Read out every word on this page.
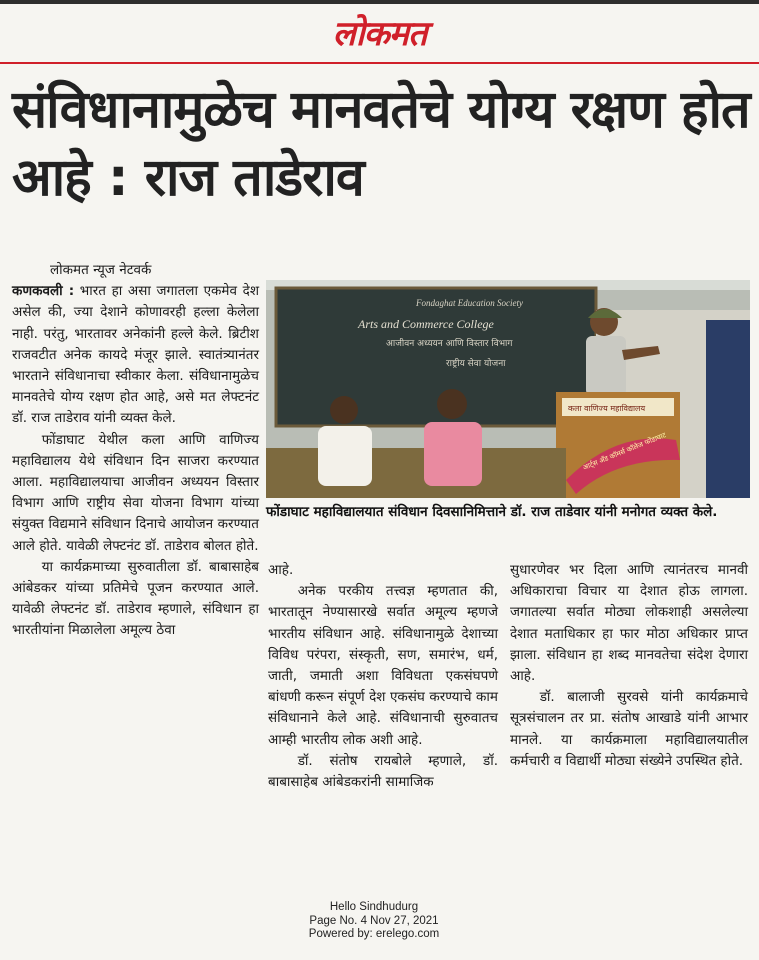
लोकमत
संविधानामुळेच मानवतेचे योग्य रक्षण होत आहे : राज ताडेराव

लोकमत न्यूज नेटवर्क

कणकवली : भारत हा असा जगातला एकमेव देश असेल की, ज्या देशाने कोणावरही हल्ला केलेला नाही. परंतु, भारतावर अनेकांनी हल्ले केले. ब्रिटीश राजवटीत अनेक कायदे मंजूर झाले. स्वातंत्र्यानंतर भारताने संविधानाचा स्वीकार केला. संविधानामुळेच मानवतेचे योग्य रक्षण होत आहे, असे मत लेफ्टनंट डॉ. राज ताडेराव यांनी व्यक्त केले.

फोंडाघाट येथील कला आणि वाणिज्य महाविद्यालय येथे संविधान दिन साजरा करण्यात आला. महाविद्यालयाचा आजीवन अध्ययन विस्तार विभाग आणि राष्ट्रीय सेवा योजना विभाग यांच्या संयुक्त विद्यमाने संविधान दिनाचे आयोजन करण्यात आले होते. यावेळी लेफ्टनंट डॉ. ताडेराव बोलत होते.

या कार्यक्रमाच्या सुरुवातीला डॉ. बाबासाहेब आंबेडकर यांच्या प्रतिमेचे पूजन करण्यात आले. यावेळी लेफ्टनंट डॉ. ताडेराव म्हणाले, संविधान हा भारतीयांना मिळालेला अमूल्य ठेवा

Fondaghat Education Society
Arts and Commerce College
आजीवन अध्ययन आणि विस्तार विभाग
राष्ट्रीय सेवा योजना
कला वाणिज्य महाविद्यालय
आर्ट्स अँड कॉमर्स कॉलेज फोंडाघाट
फोंडाघाट महाविद्यालयात संविधान दिवसानिमित्ताने डॉ. राज ताडेवार यांनी मनोगत व्यक्त केले.

आहे.

अनेक परकीय तत्त्वज्ञ म्हणतात की, भारतातून नेण्यासारखे सर्वात अमूल्य म्हणजे भारतीय संविधान आहे. संविधानामुळे देशाच्या विविध परंपरा, संस्कृती, सण, समारंभ, धर्म, जाती, जमाती अशा विविधता एकसंघपणे बांधणी करून संपूर्ण देश एकसंघ करण्याचे काम संविधानाने केले आहे. संविधानाची सुरुवातच आम्ही भारतीय लोक अशी आहे.

डॉ. संतोष रायबोले म्हणाले, डॉ. बाबासाहेब आंबेडकरांनी सामाजिक

सुधारणेवर भर दिला आणि त्यानंतरच मानवी अधिकाराचा विचार या देशात होऊ लागला. जगातल्या सर्वात मोठ्या लोकशाही असलेल्या देशात मताधिकार हा फार मोठा अधिकार प्राप्त झाला. संविधान हा शब्द मानवतेचा संदेश देणारा आहे.

डॉ. बालाजी सुरवसे यांनी कार्यक्रमाचे सूत्रसंचालन तर प्रा. संतोष आखाडे यांनी आभार मानले. या कार्यक्रमाला महाविद्यालयातील कर्मचारी व विद्यार्थी मोठ्या संख्येने उपस्थित होते.

Hello Sindhudurg
Page No. 4 Nov 27, 2021
Powered by: erelego.com
